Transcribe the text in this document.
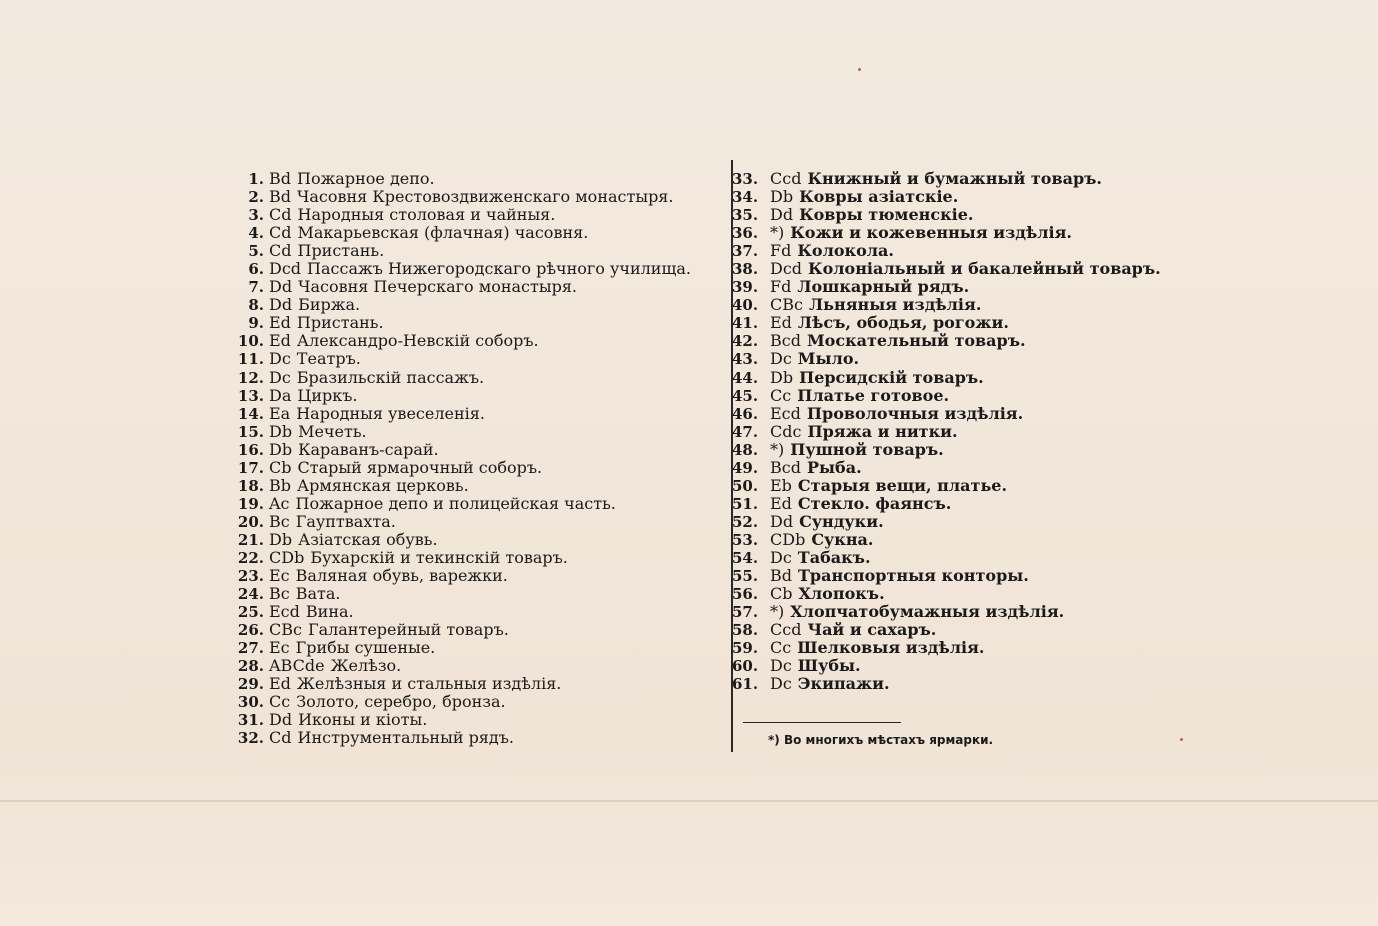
1. Bd Пожарное депо.
2. Bd Часовня Крестовоздвиженскаго монастыря.
3. Cd Народныя столовая и чайныя.
4. Cd Макарьевская (флачная) часовня.
5. Cd Пристань.
6. Dcd Пассажъ Нижегородскаго рѣчного училища.
7. Dd Часовня Печерскаго монастыря.
8. Dd Биржа.
9. Ed Пристань.
10. Ed Александро-Невскій соборъ.
11. Dc Театръ.
12. Dc Бразильскій пассажъ.
13. Da Циркъ.
14. Ea Народныя увеселенія.
15. Db Мечеть.
16. Db Караванъ-сарай.
17. Cb Старый ярмарочный соборъ.
18. Bb Армянская церковь.
19. Ac Пожарное депо и полицейская часть.
20. Bc Гауптвахта.
21. Db Азіатская обувь.
22. CDb Бухарскій и текинскій товаръ.
23. Ec Валяная обувь, варежки.
24. Bc Вата.
25. Ecd Вина.
26. CBc Галантерейный товаръ.
27. Ec Грибы сушеные.
28. ABCde Желѣзо.
29. Ed Желѣзныя и стальныя издѣлія.
30. Cc Золото, серебро, бронза.
31. Dd Иконы и кіоты.
32. Cd Инструментальный рядъ.
33. Ccd Книжный и бумажный товаръ.
34. Db Ковры азіатскіе.
35. Dd Ковры тюменскіе.
36. *) Кожи и кожевенныя издѣлія.
37. Fd Колокола.
38. Dcd Колоніальный и бакалейный товаръ.
39. Fd Лошкарный рядъ.
40. CBc Льняныя издѣлія.
41. Ed Лѣсъ, ободья, рогожи.
42. Bcd Москательный товаръ.
43. Dc Мыло.
44. Db Персидскій товаръ.
45. Cc Платье готовое.
46. Ecd Проволочныя издѣлія.
47. Cdc Пряжа и нитки.
48. *) Пушной товаръ.
49. Bcd Рыба.
50. Eb Старыя вещи, платье.
51. Ed Стекло. фаянсъ.
52. Dd Сундуки.
53. CDb Сукна.
54. Dc Табакъ.
55. Bd Транспортныя конторы.
56. Cb Хлопокъ.
57. *) Хлопчатобумажныя издѣлія.
58. Ccd Чай и сахаръ.
59. Cc Шелковыя издѣлія.
60. Dc Шубы.
61. Dc Экипажи.
*) Во многихъ мѣстахъ ярмарки.
